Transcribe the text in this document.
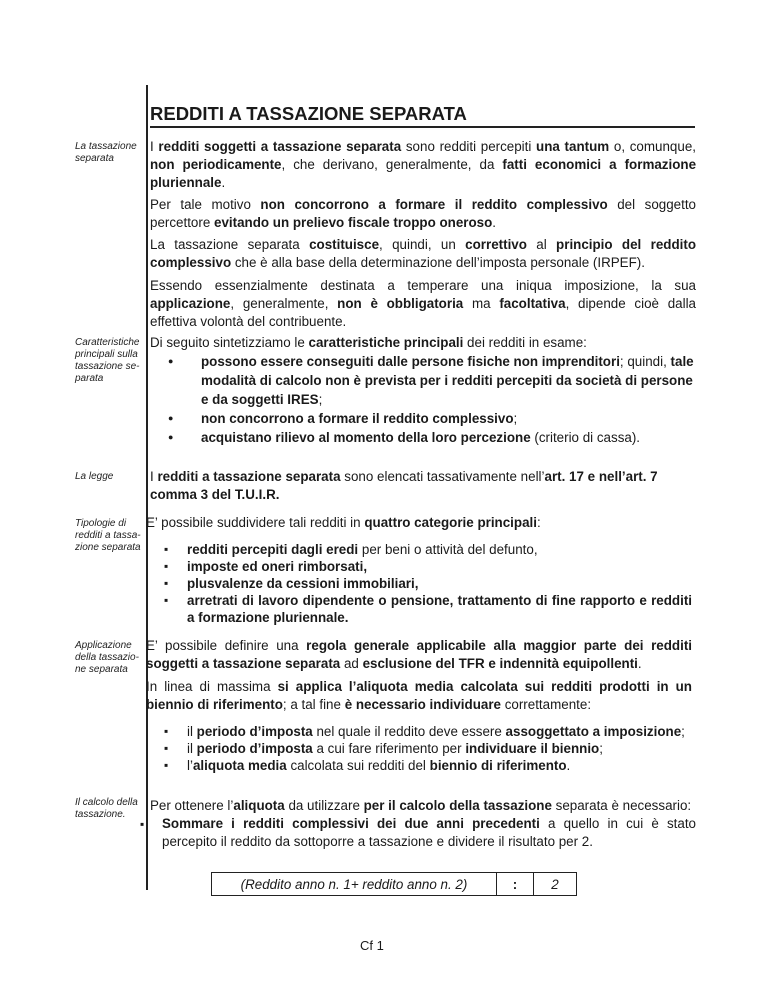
REDDITI A TASSAZIONE SEPARATA
La tassazione separata
Caratteristiche principali sulla tassazione se-parata
La legge
Tipologie di redditi a tassa-zione separata
Applicazione della tassazio-ne separata
Il calcolo della tassazione.
I redditi soggetti a tassazione separata sono redditi percepiti una tantum o, comunque, non periodicamente, che derivano, generalmente, da fatti economici a formazione pluriennale.
Per tale motivo non concorrono a formare il reddito complessivo del soggetto percettore evitando un prelievo fiscale troppo oneroso.
La tassazione separata costituisce, quindi, un correttivo al principio del reddito complessivo che è alla base della determinazione dell’imposta personale (IRPEF).
Essendo essenzialmente destinata a temperare una iniqua imposizione, la sua applicazione, generalmente, non è obbligatoria ma facoltativa, dipende cioè dalla effettiva volontà del contribuente.
Di seguito sintetizziamo le caratteristiche principali dei redditi in esame:
● possono essere conseguiti dalle persone fisiche non imprenditori; quindi, tale modalità di calcolo non è prevista per i redditi percepiti da società di persone e da soggetti IRES;
● non concorrono a formare il reddito complessivo;
● acquistano rilievo al momento della loro percezione (criterio di cassa).
I redditi a tassazione separata sono elencati tassativamente nell’art. 17 e nell’art. 7 comma 3 del T.U.I.R.
E’ possibile suddividere tali redditi in quattro categorie principali:
▪ redditi percepiti dagli eredi per beni o attività del defunto,
▪ imposte ed oneri rimborsati,
▪ plusvalenze da cessioni immobiliari,
▪ arretrati di lavoro dipendente o pensione, trattamento di fine rapporto e redditi a formazione pluriennale.
E’ possibile definire una regola generale applicabile alla maggior parte dei redditi soggetti a tassazione separata ad esclusione del TFR e indennità equipollenti.
In linea di massima si applica l’aliquota media calcolata sui redditi prodotti in un biennio di riferimento; a tal fine è necessario individuare correttamente:
▪ il periodo d’imposta nel quale il reddito deve essere assoggettato a imposizione;
▪ il periodo d’imposta a cui fare riferimento per individuare il biennio;
▪ l’aliquota media calcolata sui redditi del biennio di riferimento.
Per ottenere l’aliquota da utilizzare per il calcolo della tassazione separata è necessario:
▪ Sommare i redditi complessivi dei due anni precedenti a quello in cui è stato percepito il reddito da sottoporre a tassazione e dividere il risultato per 2.
(Reddito anno n. 1+ reddito anno n. 2)	:	2
Cf 1
